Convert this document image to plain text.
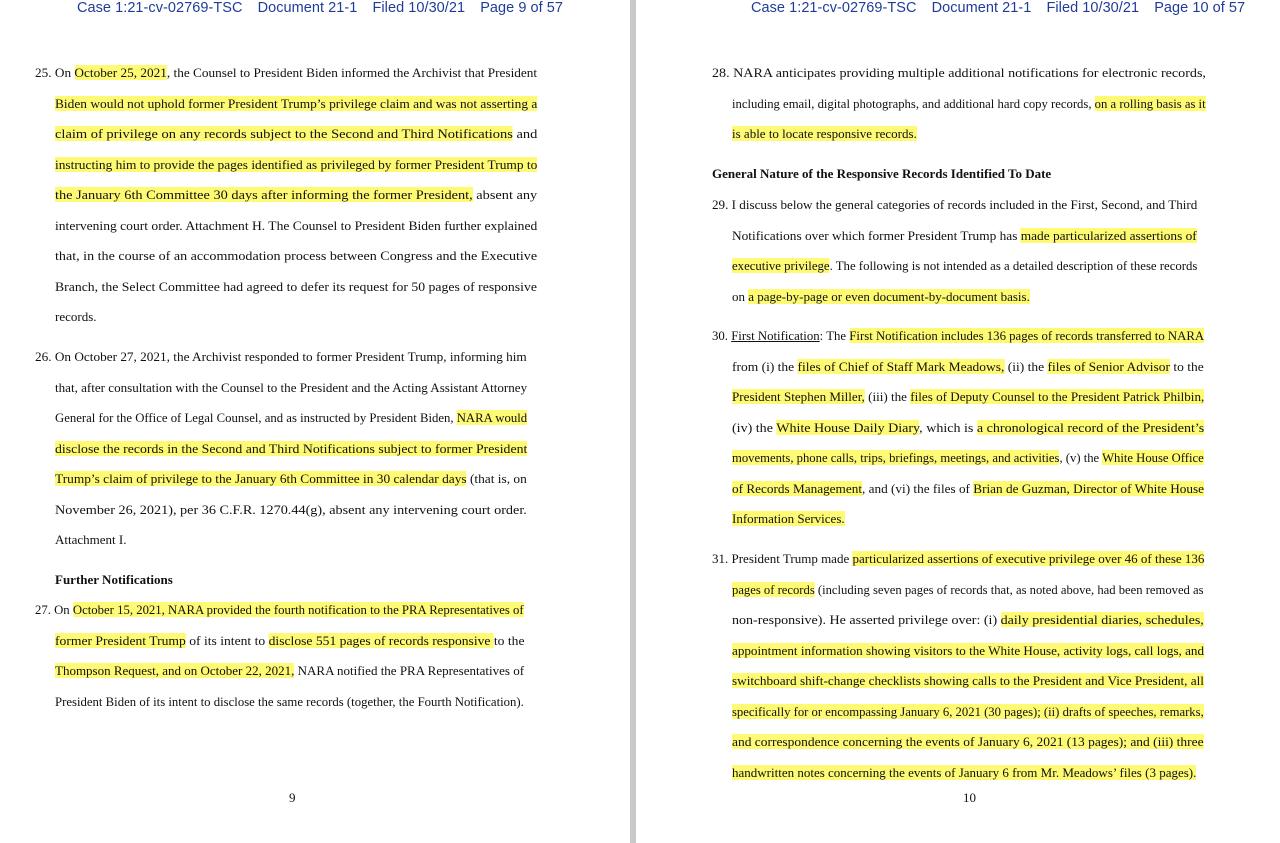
Case 1:21-cv-02769-TSC Document 21-1 Filed 10/30/21 Page 9 of 57
25. On October 25, 2021, the Counsel to President Biden informed the Archivist that President
Biden would not uphold former President Trump’s privilege claim and was not asserting a
claim of privilege on any records subject to the Second and Third Notifications and
instructing him to provide the pages identified as privileged by former President Trump to
the January 6th Committee 30 days after informing the former President, absent any
intervening court order. Attachment H. The Counsel to President Biden further explained
that, in the course of an accommodation process between Congress and the Executive
Branch, the Select Committee had agreed to defer its request for 50 pages of responsive
records.
26. On October 27, 2021, the Archivist responded to former President Trump, informing him
that, after consultation with the Counsel to the President and the Acting Assistant Attorney
General for the Office of Legal Counsel, and as instructed by President Biden, NARA would
disclose the records in the Second and Third Notifications subject to former President
Trump’s claim of privilege to the January 6th Committee in 30 calendar days (that is, on
November 26, 2021), per 36 C.F.R. 1270.44(g), absent any intervening court order.
Attachment I.
Further Notifications
27. On October 15, 2021, NARA provided the fourth notification to the PRA Representatives of
former President Trump of its intent to disclose 551 pages of records responsive to the
Thompson Request, and on October 22, 2021, NARA notified the PRA Representatives of
President Biden of its intent to disclose the same records (together, the Fourth Notification).
9
Case 1:21-cv-02769-TSC Document 21-1 Filed 10/30/21 Page 10 of 57
28. NARA anticipates providing multiple additional notifications for electronic records,
including email, digital photographs, and additional hard copy records, on a rolling basis as it
is able to locate responsive records.
General Nature of the Responsive Records Identified To Date
29. I discuss below the general categories of records included in the First, Second, and Third
Notifications over which former President Trump has made particularized assertions of
executive privilege. The following is not intended as a detailed description of these records
on a page-by-page or even document-by-document basis.
30. First Notification: The First Notification includes 136 pages of records transferred to NARA
from (i) the files of Chief of Staff Mark Meadows, (ii) the files of Senior Advisor to the
President Stephen Miller, (iii) the files of Deputy Counsel to the President Patrick Philbin,
(iv) the White House Daily Diary, which is a chronological record of the President’s
movements, phone calls, trips, briefings, meetings, and activities, (v) the White House Office
of Records Management, and (vi) the files of Brian de Guzman, Director of White House
Information Services.
31. President Trump made particularized assertions of executive privilege over 46 of these 136
pages of records (including seven pages of records that, as noted above, had been removed as
non-responsive). He asserted privilege over: (i) daily presidential diaries, schedules,
appointment information showing visitors to the White House, activity logs, call logs, and
switchboard shift-change checklists showing calls to the President and Vice President, all
specifically for or encompassing January 6, 2021 (30 pages); (ii) drafts of speeches, remarks,
and correspondence concerning the events of January 6, 2021 (13 pages); and (iii) three
handwritten notes concerning the events of January 6 from Mr. Meadows’ files (3 pages).
10
